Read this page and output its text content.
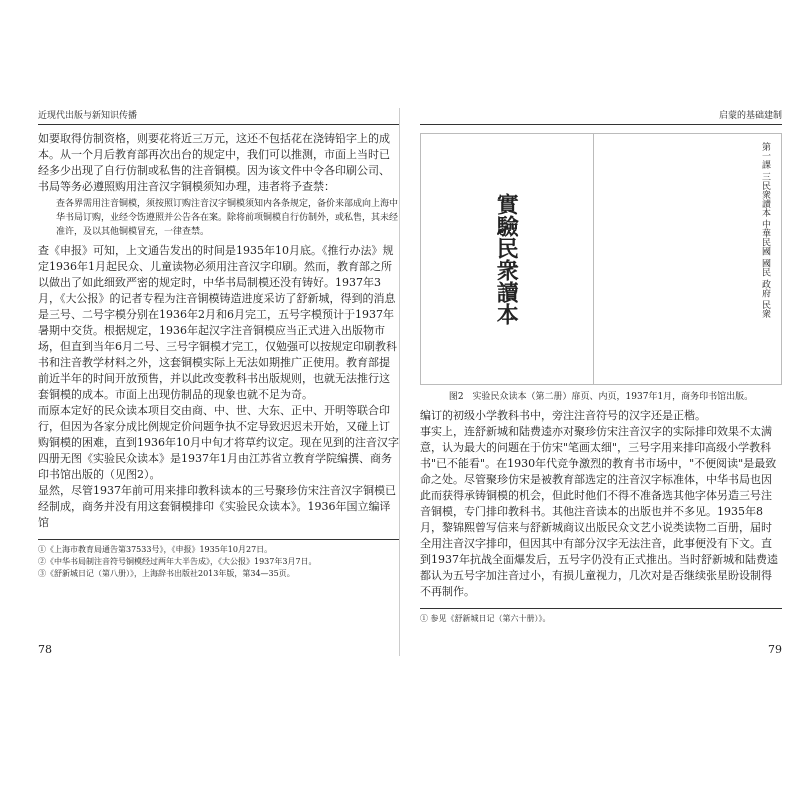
近现代出版与新知识传播

如要取得仿制资格，则要花将近三万元，这还不包括花在浇铸铅字上的成本。从一个月后教育部再次出台的规定中，我们可以推测，市面上当时已经多少出现了自行仿制或私售的注音铜模。因为该文件中令各印刷公司、书局等务必遵照购用注音汉字铜模须知办理，违者将予查禁：

查各界需用注音铜模，须按照订购注音汉字铜模须知内各条规定，备价来部成向上海中华书局订购，业经令饬遵照并公告各在案。除将前项铜模自行仿制外，或私售，其未经准许，及以其他铜模冒充，一律查禁。

查《申报》可知，上文通告发出的时间是1935年10月底。《推行办法》规定1936年1月起民众、儿童读物必须用注音汉字印刷。然而，教育部之所以做出了如此细致严密的规定时，中华书局制模还没有铸好。1937年3月，《大公报》的记者专程为注音铜模铸造进度采访了舒新城，得到的消息是三号、二号字模分别在1936年2月和6月完工，五号字模预计于1937年暑期中交货。根据规定，1936年起汉字注音铜模应当正式进入出版物市场，但直到当年6月二号、三号字铜模才完工，仅勉强可以按规定印刷教科书和注音教学材料之外，这套铜模实际上无法如期推广正使用。教育部提前近半年的时间开放预售，并以此改变教科书出版规则，也就无法推行这套铜模的成本。市面上出现仿制品的现象也就不足为奇。

而原本定好的民众读本项目交由商、中、世、大东、正中、开明等联合印行，但因为各家分成比例规定价问题争执不定导致迟迟未开始，又碰上订购铜模的困难，直到1936年10月中旬才将草约议定。现在见到的注音汉字四册无图《实验民众读本》是1937年1月由江苏省立教育学院编撰、商务印书馆出版的（见图2）。

显然，尽管1937年前可用来排印教科读本的三号聚珍仿宋注音汉字铜模已经制成，商务并没有用这套铜模排印《实验民众读本》。1936年国立编译馆

①《上海市教育局通告第37533号》，《申报》1935年10月27日。
②《中华书局制注音符号铜模经过两年大半告成》，《大公报》1937年3月7日。
③《舒新城日记（第八册）》，上海辞书出版社2013年版，第34—35页。
78
启蒙的基础建制
實驗民衆讀本	第一課 三民衆讀本 中華民國 國民 政府 民衆
图2　实验民众读本（第二册）扉页、内页，1937年1月，商务印书馆出版。

编订的初级小学教科书中，旁注注音符号的汉字还是正楷。

事实上，连舒新城和陆费逵亦对聚珍仿宋注音汉字的实际排印效果不太满意，认为最大的问题在于仿宋"笔画太细"，三号字用来排印高级小学教科书"已不能看"。在1930年代竞争激烈的教育书市场中，"不便阅读"是最致命之处。尽管聚珍仿宋是被教育部选定的注音汉字标准体，中华书局也因此而获得承铸铜模的机会，但此时他们不得不准备选其他字体另造三号注音铜模，专门排印教科书。其他注音读本的出版也并不多见。1935年8月，黎锦熙曾写信来与舒新城商议出版民众文艺小说类读物二百册，届时全用注音汉字排印，但因其中有部分汉字无法注音，此事便没有下文。直到1937年抗战全面爆发后，五号字仍没有正式推出。当时舒新城和陆费逵都认为五号字加注音过小，有损儿童视力，几次对是否继续张星盼设制得不再制作。

① 参见《舒新城日记（第六十册）》。
79
